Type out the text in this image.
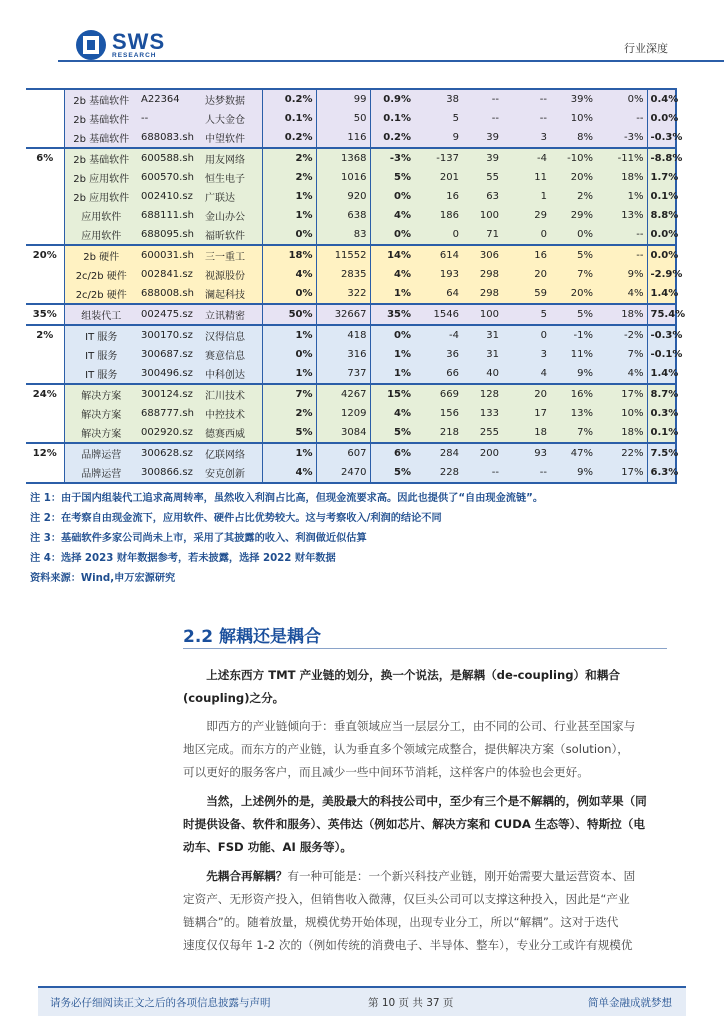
SWS
RESEARCH
行业深度
	2b 基础软件	A22364	达梦数据	0.2%	99	0.9%	38	--	--	39%	0%	0.4%
	2b 基础软件	--	人大金仓	0.1%	50	0.1%	5	--	--	10%	--	0.0%
	2b 基础软件	688083.sh	中望软件	0.2%	116	0.2%	9	39	3	8%	-3%	-0.3%
6%	2b 基础软件	600588.sh	用友网络	2%	1368	-3%	-137	39	-4	-10%	-11%	-8.8%
	2b 应用软件	600570.sh	恒生电子	2%	1016	5%	201	55	11	20%	18%	1.7%
	2b 应用软件	002410.sz	广联达	1%	920	0%	16	63	1	2%	1%	0.1%
	应用软件	688111.sh	金山办公	1%	638	4%	186	100	29	29%	13%	8.8%
	应用软件	688095.sh	福昕软件	0%	83	0%	0	71	0	0%	--	0.0%
20%	2b 硬件	600031.sh	三一重工	18%	11552	14%	614	306	16	5%	--	0.0%
	2c/2b 硬件	002841.sz	视源股份	4%	2835	4%	193	298	20	7%	9%	-2.9%
	2c/2b 硬件	688008.sh	澜起科技	0%	322	1%	64	298	59	20%	4%	1.4%
35%	组装代工	002475.sz	立讯精密	50%	32667	35%	1546	100	5	5%	18%	75.4%
2%	IT 服务	300170.sz	汉得信息	1%	418	0%	-4	31	0	-1%	-2%	-0.3%
	IT 服务	300687.sz	赛意信息	0%	316	1%	36	31	3	11%	7%	-0.1%
	IT 服务	300496.sz	中科创达	1%	737	1%	66	40	4	9%	4%	1.4%
24%	解决方案	300124.sz	汇川技术	7%	4267	15%	669	128	20	16%	17%	8.7%
	解决方案	688777.sh	中控技术	2%	1209	4%	156	133	17	13%	10%	0.3%
	解决方案	002920.sz	德赛西威	5%	3084	5%	218	255	18	7%	18%	0.1%
12%	品牌运营	300628.sz	亿联网络	1%	607	6%	284	200	93	47%	22%	7.5%
	品牌运营	300866.sz	安克创新	4%	2470	5%	228	--	--	9%	17%	6.3%
注 1：由于国内组装代工追求高周转率，虽然收入利润占比高，但现金流要求高。因此也提供了“自由现金流链”。
注 2：在考察自由现金流下，应用软件、硬件占比优势较大。这与考察收入/利润的结论不同
注 3：基础软件多家公司尚未上市，采用了其披露的收入、利润做近似估算
注 4：选择 2023 财年数据参考，若未披露，选择 2022 财年数据
资料来源：Wind,申万宏源研究
2.2 解耦还是耦合
上述东西方 TMT 产业链的划分，换一个说法，是解耦（de-coupling）和耦合
(coupling)之分。
即西方的产业链倾向于：垂直领域应当一层层分工，由不同的公司、行业甚至国家与
地区完成。而东方的产业链，认为垂直多个领域完成整合，提供解决方案（solution），
可以更好的服务客户，而且减少一些中间环节消耗，这样客户的体验也会更好。
当然，上述例外的是，美股最大的科技公司中，至少有三个是不解耦的，例如苹果（同
时提供设备、软件和服务）、英伟达（例如芯片、解决方案和 CUDA 生态等）、特斯拉（电
动车、FSD 功能、AI 服务等）。
先耦合再解耦？有一种可能是：一个新兴科技产业链，刚开始需要大量运营资本、固
定资产、无形资产投入，但销售收入微薄，仅巨头公司可以支撑这种投入，因此是“产业
链耦合”的。随着放量，规模优势开始体现，出现专业分工，所以“解耦”。这对于迭代
速度仅仅每年 1-2 次的（例如传统的消费电子、半导体、整车），专业分工或许有规模优
请务必仔细阅读正文之后的各项信息披露与声明	第 10 页 共 37 页	简单金融成就梦想
